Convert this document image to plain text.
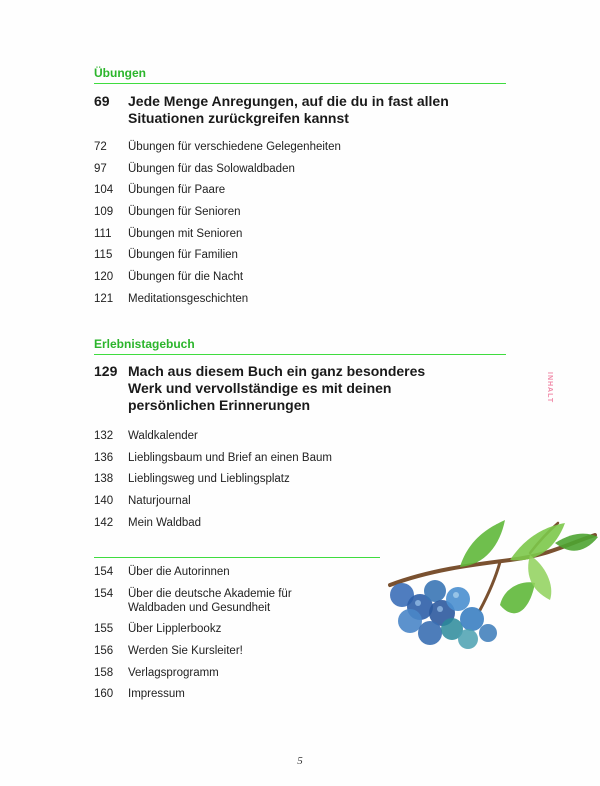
Übungen
69 Jede Menge Anregungen, auf die du in fast allen Situationen zurückgreifen kannst
72 Übungen für verschiedene Gelegenheiten
97 Übungen für das Solowaldbaden
104 Übungen für Paare
109 Übungen für Senioren
111 Übungen mit Senioren
115 Übungen für Familien
120 Übungen für die Nacht
121 Meditationsgeschichten
Erlebnistagebuch
129 Mach aus diesem Buch ein ganz besonderes Werk und vervollständige es mit deinen persönlichen Erinnerungen
132 Waldkalender
136 Lieblingsbaum und Brief an einen Baum
138 Lieblingsweg und Lieblingsplatz
140 Naturjournal
142 Mein Waldbad
154 Über die Autorinnen
154 Über die deutsche Akademie für Waldbaden und Gesundheit
155 Über Lipplerbookz
156 Werden Sie Kursleiter!
158 Verlagsprogramm
160 Impressum
INHALT
5
